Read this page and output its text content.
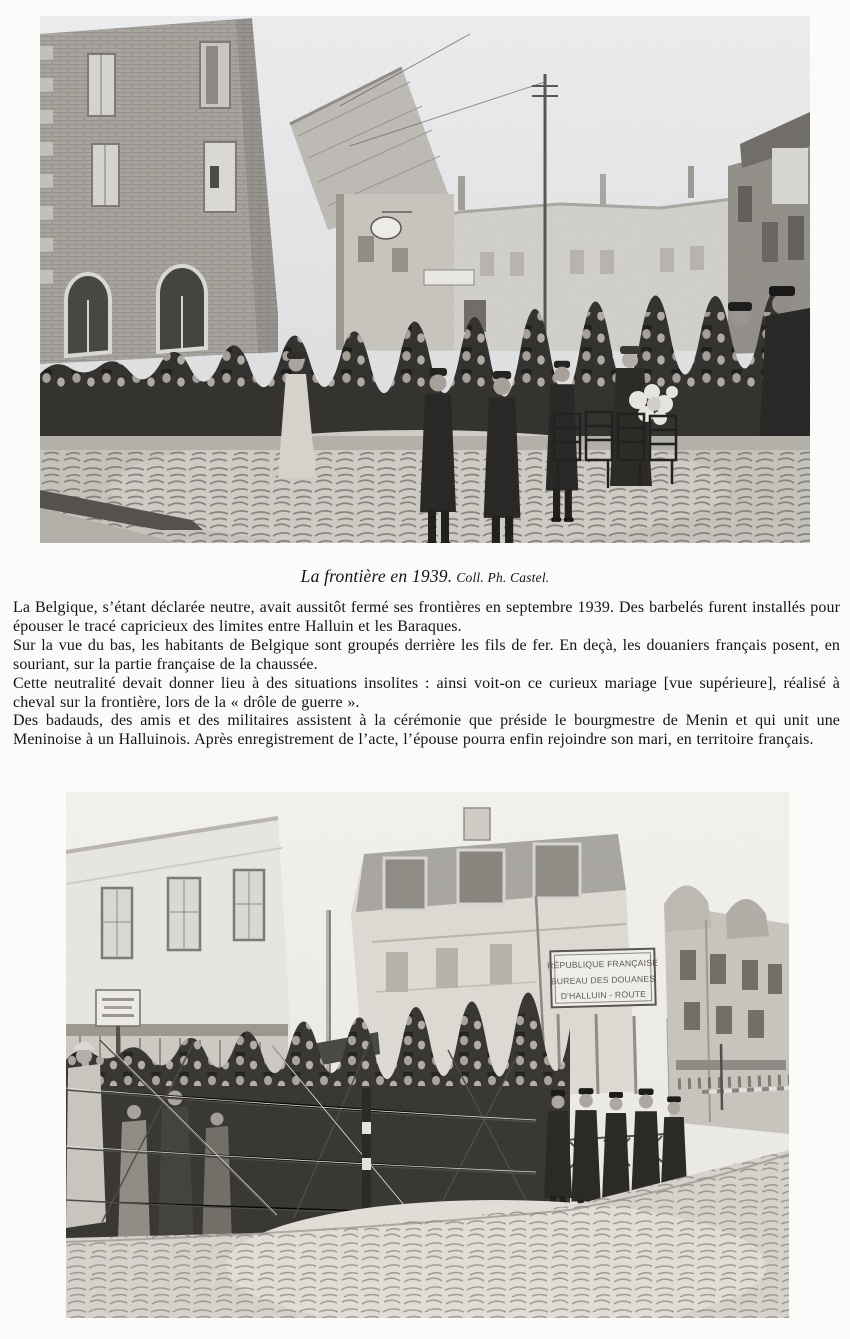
La frontière en 1939. Coll. Ph. Castel.

La Belgique, s’étant déclarée neutre, avait aussitôt fermé ses frontières en septembre 1939. Des barbelés furent installés pour épouser le tracé capricieux des limites entre Halluin et les Baraques.

Sur la vue du bas, les habitants de Belgique sont groupés derrière les fils de fer. En deçà, les douaniers français posent, en souriant, sur la partie française de la chaussée.

Cette neutralité devait donner lieu à des situations insolites : ainsi voit-on ce curieux mariage [vue supérieure], réalisé à cheval sur la frontière, lors de la « drôle de guerre ».

Des badauds, des amis et des militaires assistent à la cérémonie que préside le bourgmestre de Menin et qui unit une Meninoise à un Halluinois. Après enregistrement de l’acte, l’épouse pourra enfin rejoindre son mari, en territoire français.
